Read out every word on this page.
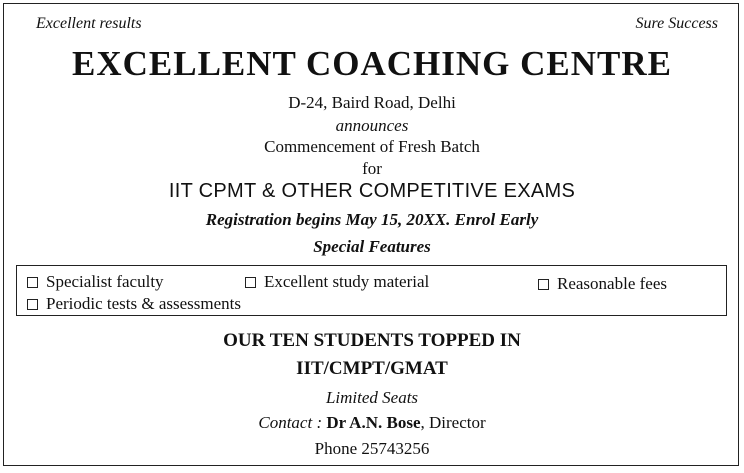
Excellent results	Sure Success
EXCELLENT COACHING CENTRE
D-24, Baird Road, Delhi
announces
Commencement of Fresh Batch
for
IIT CPMT & OTHER COMPETITIVE EXAMS
Registration begins May 15, 20XX. Enrol Early
Special Features
Specialist faculty	Excellent study material	Reasonable fees
Periodic tests & assessments
OUR TEN STUDENTS TOPPED IN
IIT/CMPT/GMAT
Limited Seats
Contact : Dr A.N. Bose, Director
Phone 25743256
